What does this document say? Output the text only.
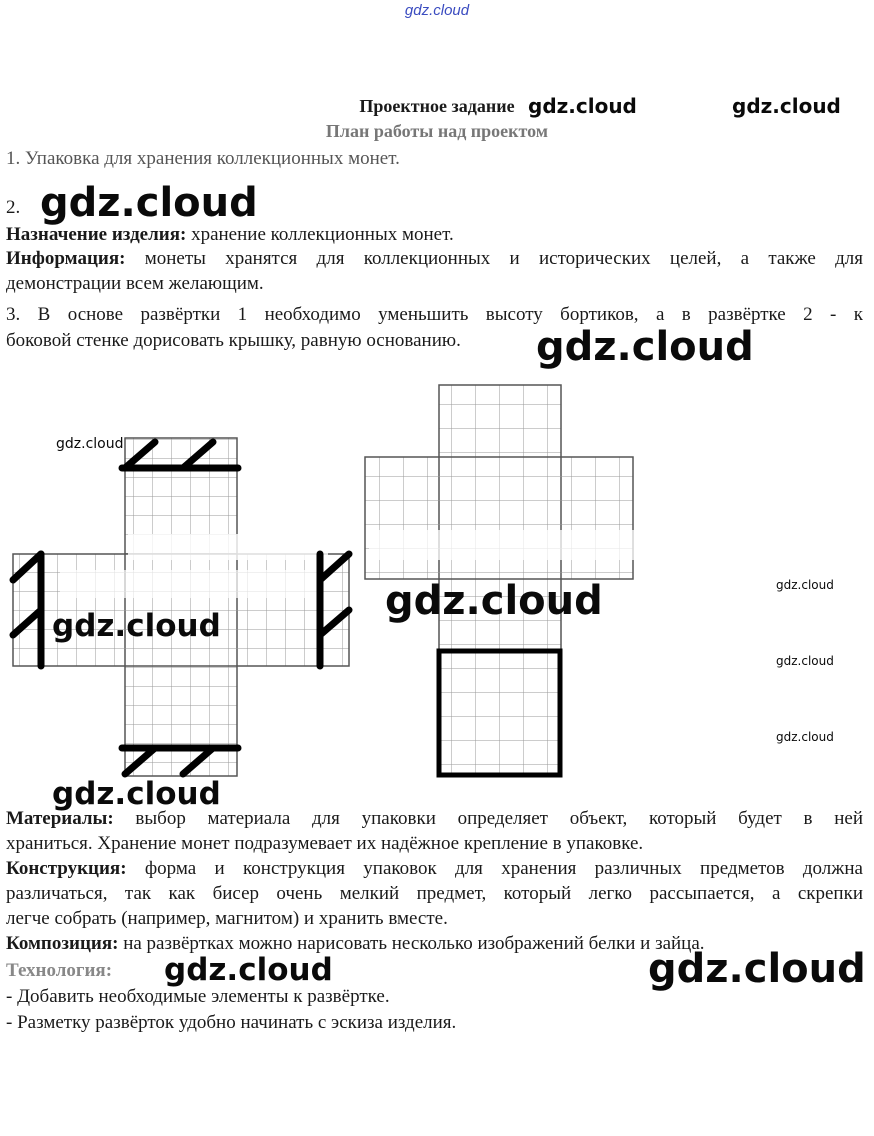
gdz.cloud
Проектное задание
План работы над проектом
1. Упаковка для хранения коллекционных монет.
2.
Назначение изделия: хранение коллекционных монет.
Информация: монеты хранятся для коллекционных и исторических целей, а также для
демонстрации всем желающим.
3. В основе развёртки 1 необходимо уменьшить высоту бортиков, а в развёртке 2 - к
боковой стенке дорисовать крышку, равную основанию.
Материалы: выбор материала для упаковки определяет объект, который будет в ней
храниться. Хранение монет подразумевает их надёжное крепление в упаковке.
Конструкция: форма и конструкция упаковок для хранения различных предметов должна
различаться, так как бисер очень мелкий предмет, который легко рассыпается, а скрепки
легче собрать (например, магнитом) и хранить вместе.
Композиция: на развёртках можно нарисовать несколько изображений белки и зайца.
Технология:
- Добавить необходимые элементы к развёртке.
- Разметку развёрток удобно начинать с эскиза изделия.
gdz.cloud	gdz.cloud
gdz.cloud
gdz.cloud
gdz.cloud
gdz.cloud
gdz.cloud	gdz.cloud
gdz.cloud
gdz.cloud
gdz.cloud
gdz.cloud	gdz.cloud
